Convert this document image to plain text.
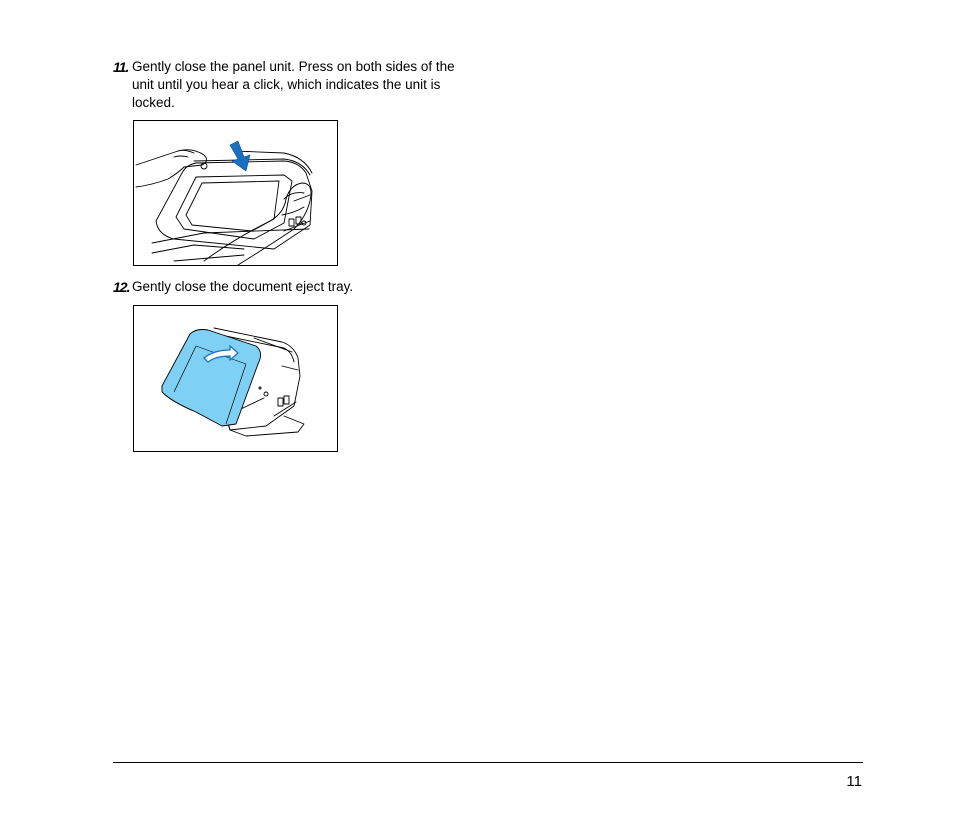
11. Gently close the panel unit. Press on both sides of the unit until you hear a click, which indicates the unit is locked.
12. Gently close the document eject tray.
11
